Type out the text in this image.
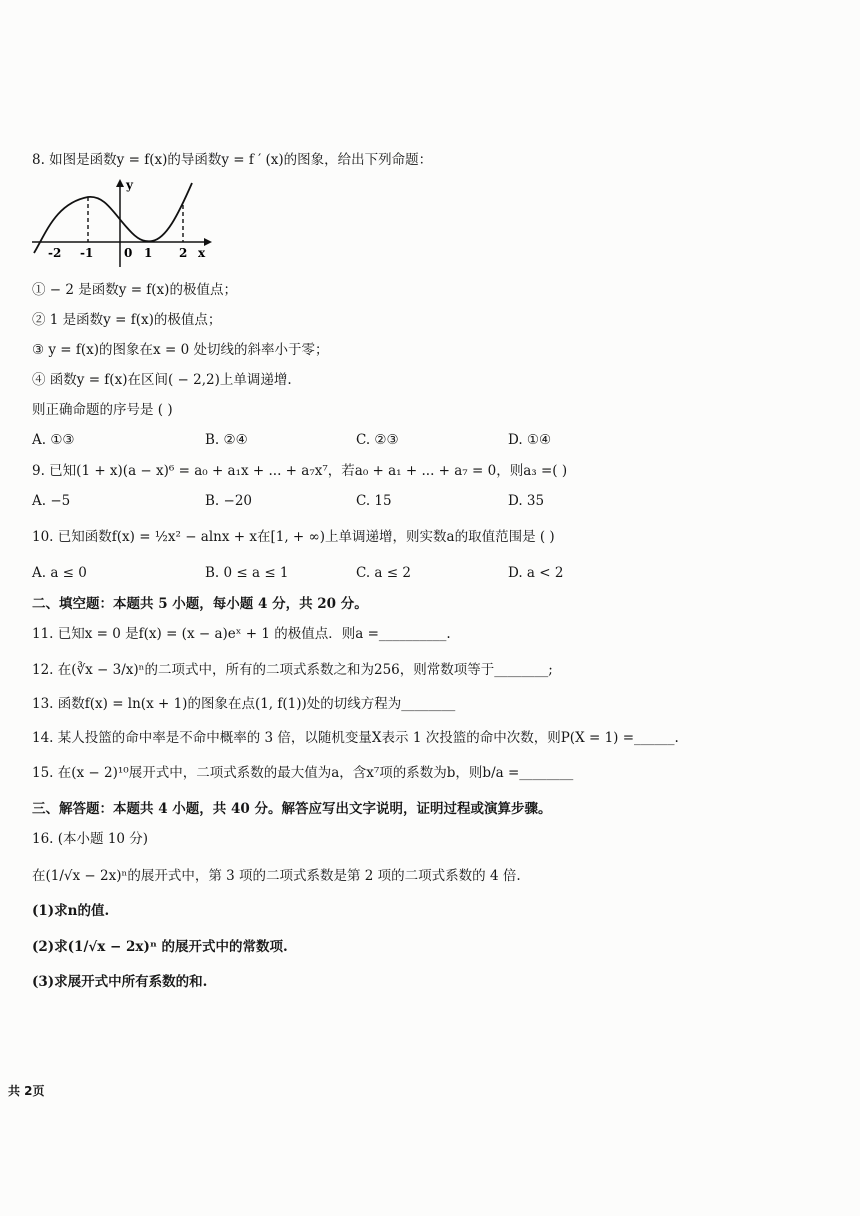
8. 如图是函数y = f(x)的导函数y = f ′ (x)的图象，给出下列命题：
y
x
-2 -1	0 1 2
① − 2 是函数y = f(x)的极值点；
② 1 是函数y = f(x)的极值点；
③ y = f(x)的图象在x = 0 处切线的斜率小于零；
④ 函数y = f(x)在区间( − 2,2)上单调递增.
则正确命题的序号是 ( )
A. ①③	B. ②④	C. ②③	D. ①④
9. 已知(1 + x)(a − x)⁶ = a₀ + a₁x + ... + a₇x⁷，若a₀ + a₁ + ... + a₇ = 0，则a₃ =( )
A. −5	B. −20	C. 15	D. 35
10. 已知函数f(x) = ½x² − alnx + x在[1, + ∞)上单调递增，则实数a的取值范围是 ( )
A. a ≤ 0	B. 0 ≤ a ≤ 1	C. a ≤ 2	D. a < 2
二、填空题：本题共 5 小题，每小题 4 分，共 20 分。
11. 已知x = 0 是f(x) = (x − a)eˣ + 1 的极值点．则a =__________.
12. 在(∛x − 3/x)ⁿ的二项式中，所有的二项式系数之和为256，则常数项等于________;
13. 函数f(x) = ln(x + 1)的图象在点(1, f(1))处的切线方程为________
14. 某人投篮的命中率是不命中概率的 3 倍，以随机变量X表示 1 次投篮的命中次数，则P(X = 1) =______.
15. 在(x − 2)¹⁰展开式中，二项式系数的最大值为a，含x⁷项的系数为b，则b/a =________
三、解答题：本题共 4 小题，共 40 分。解答应写出文字说明，证明过程或演算步骤。
16. (本小题 10 分)
在(1/√x − 2x)ⁿ的展开式中，第 3 项的二项式系数是第 2 项的二项式系数的 4 倍.
(1)求n的值.
(2)求(1/√x − 2x)ⁿ 的展开式中的常数项.
(3)求展开式中所有系数的和.
共 2页
